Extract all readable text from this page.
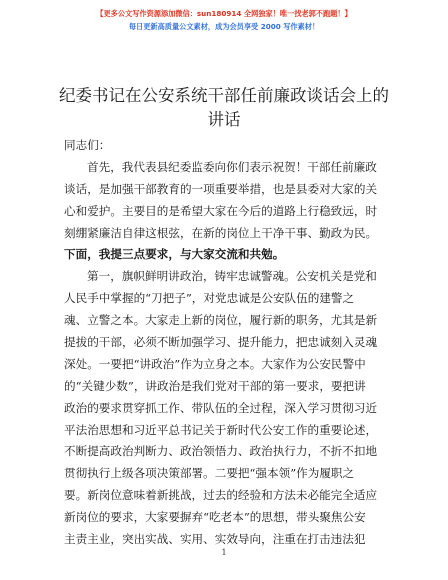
【更多公文写作资源添加微信：sun180914 全网独家！唯一找老郭不跑题！】
每日更新高质量公文素材，成为会员享受 2000 写作素材！
纪委书记在公安系统干部任前廉政谈话会上的
讲话
同志们：
首先，我代表县纪委监委向你们表示祝贺！干部任前廉政
谈话，是加强干部教育的一项重要举措，也是县委对大家的关
心和爱护。主要目的是希望大家在今后的道路上行稳致远，时
刻绷紧廉洁自律这根弦，在新的岗位上干净干事、勤政为民。
下面，我提三点要求，与大家交流和共勉。
第一，旗帜鲜明讲政治，铸牢忠诚警魂。公安机关是党和
人民手中掌握的“刀把子”，对党忠诚是公安队伍的建警之
魂、立警之本。大家走上新的岗位，履行新的职务，尤其是新
提拔的干部，必须不断加强学习、提升能力，把忠诚刻入灵魂
深处。一要把“讲政治”作为立身之本。大家作为公安民警中
的“关键少数”，讲政治是我们党对干部的第一要求，要把讲
政治的要求贯穿抓工作、带队伍的全过程，深入学习贯彻习近
平法治思想和习近平总书记关于新时代公安工作的重要论述，
不断提高政治判断力、政治领悟力、政治执行力，不折不扣地
贯彻执行上级各项决策部署。二要把“强本领”作为履职之
要。新岗位意味着新挑战，过去的经验和方法未必能完全适应
新岗位的要求，大家要摒弃“吃老本”的思想，带头聚焦公安
主责主业，突出实战、实用、实效导向，注重在打击违法犯
1
